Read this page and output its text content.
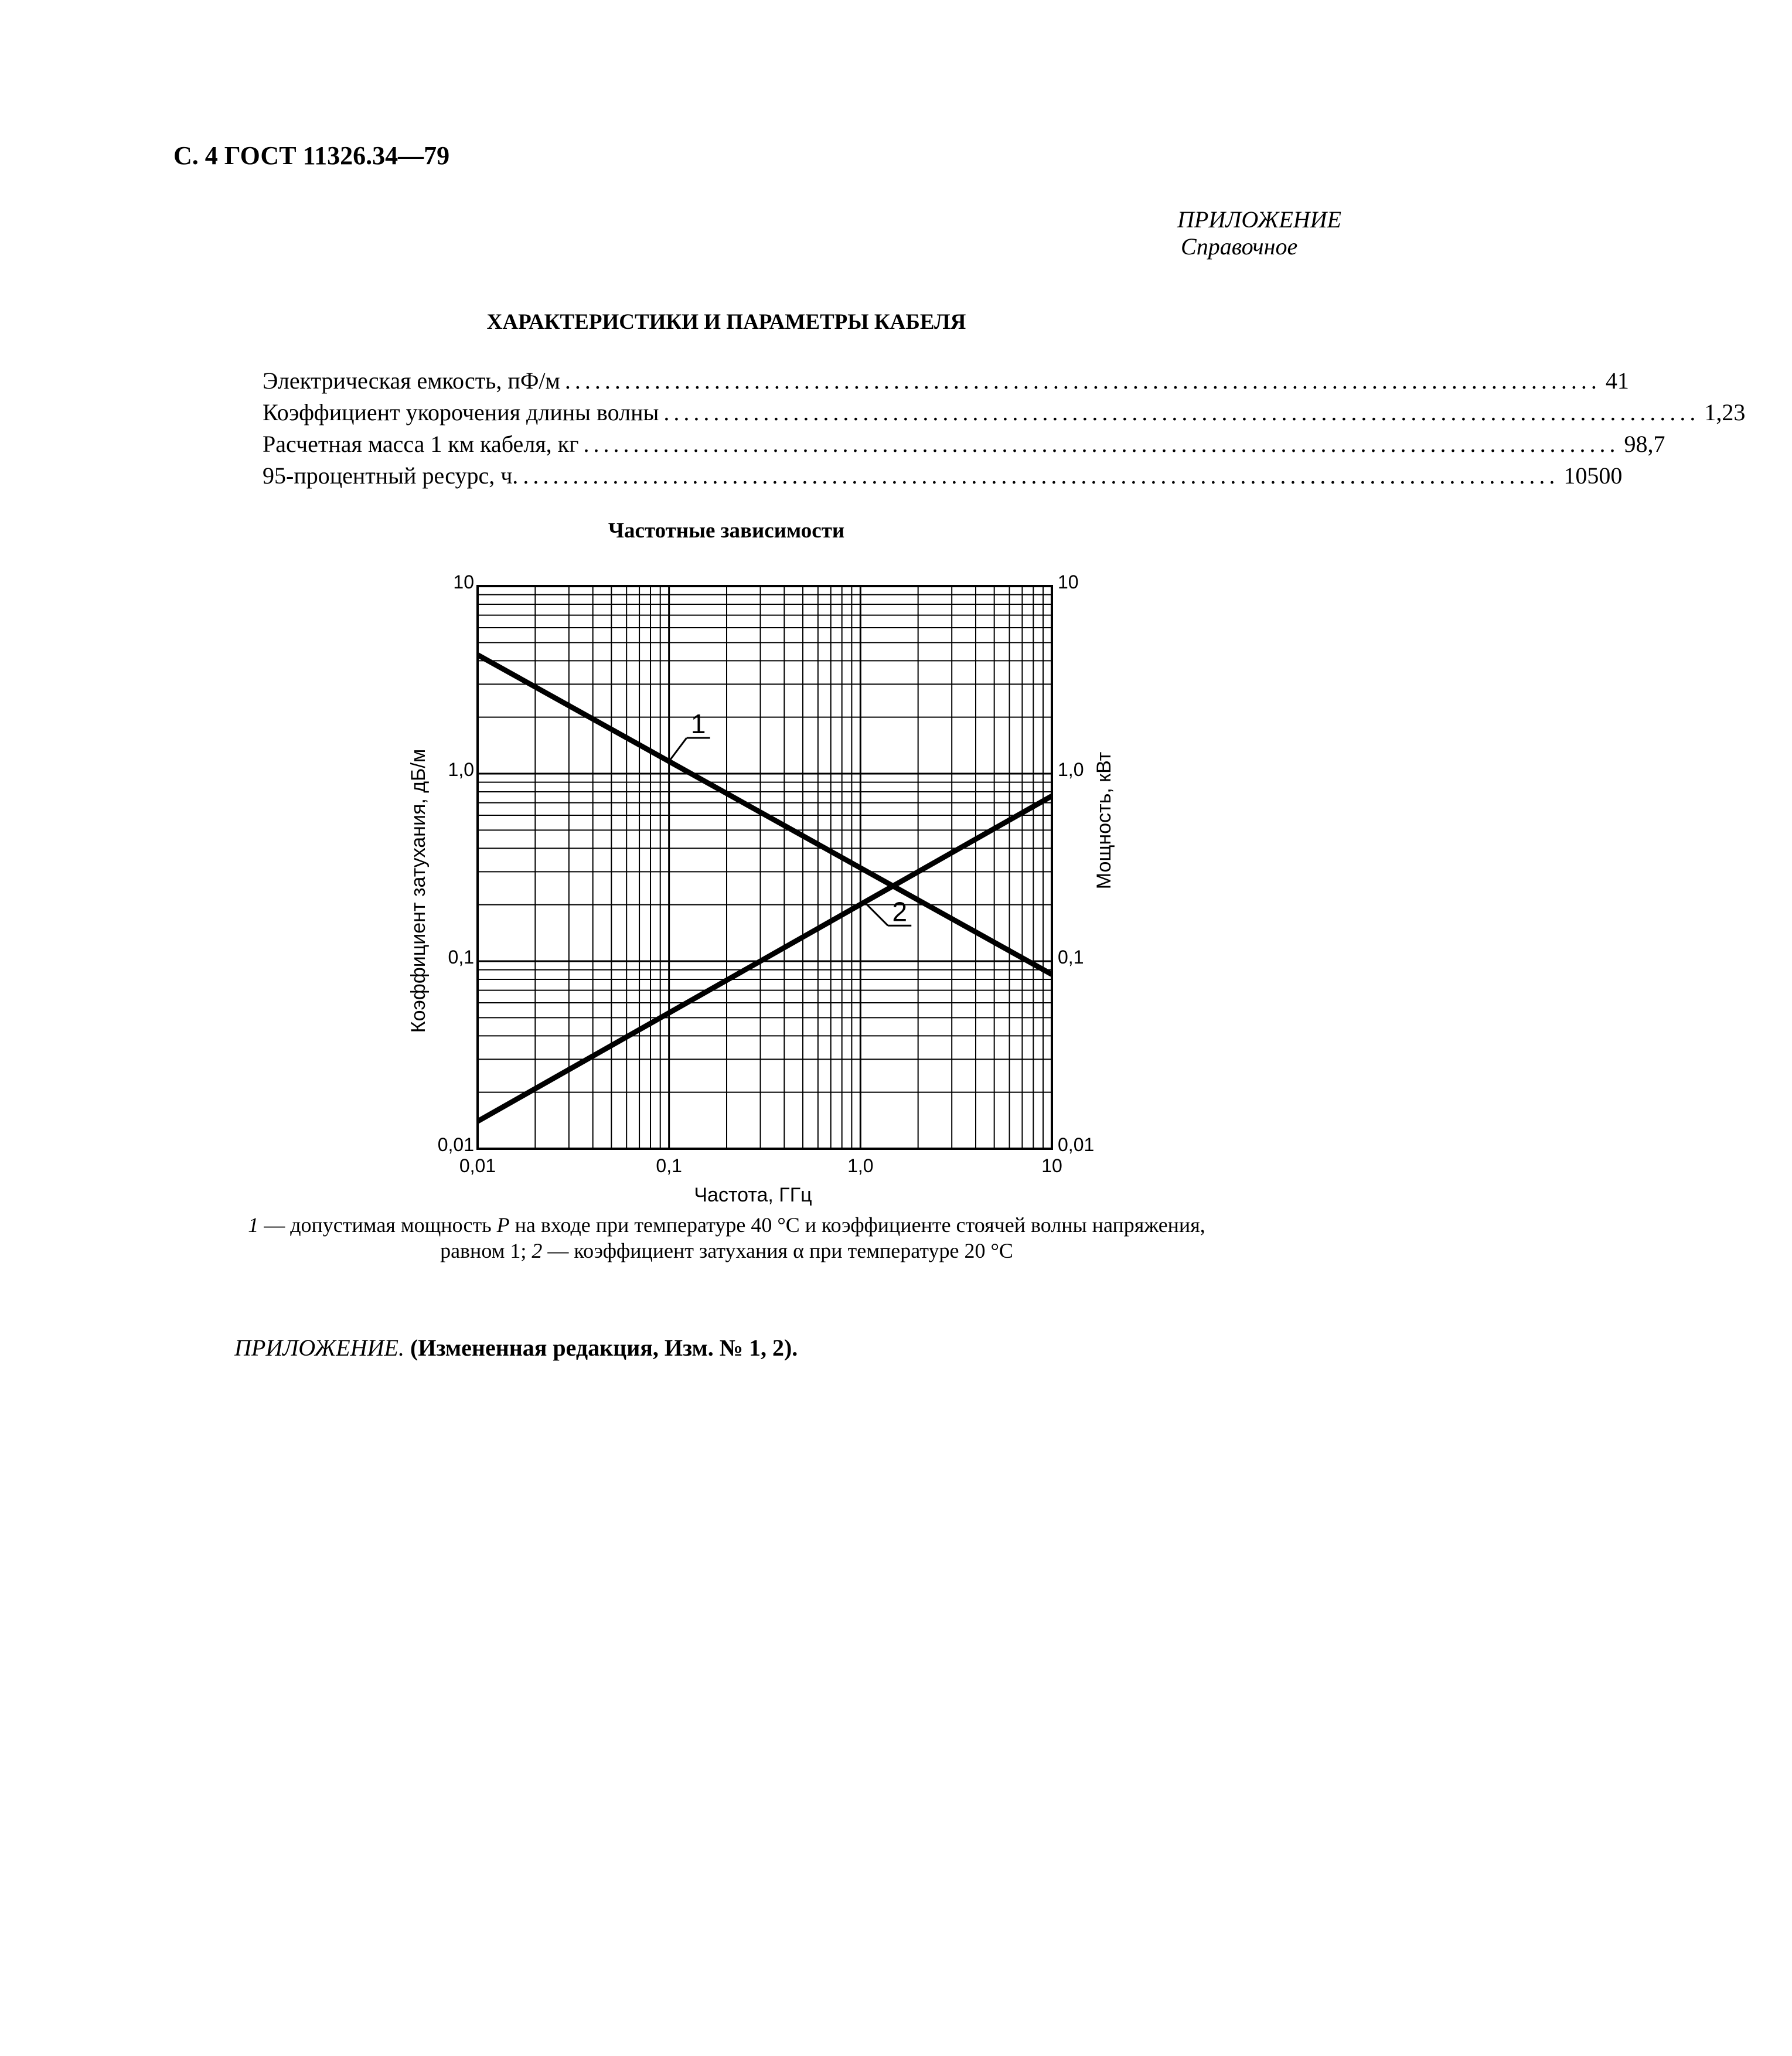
С. 4 ГОСТ 11326.34—79
ПРИЛОЖЕНИЕ
Справочное
ХАРАКТЕРИСТИКИ И ПАРАМЕТРЫ КАБЕЛЯ
Электрическая емкость, пФ/м ........................................................................................................ 41
Коэффициент укорочения длины волны ........................................................................................................ 1,23
Расчетная масса 1 км кабеля, кг ........................................................................................................ 98,7
95-процентный ресурс, ч. ........................................................................................................ 10500
Частотные зависимости
Коэффициент затухания, дБ/м	Мощность, кВт
Частота, ГГц
0,01	0,1	1,0	10
0,01	0,01
0,1	0,1
1,0	1,0
10	10
1
2
1 — допустимая мощность P на входе при температуре 40 °С и коэффициенте стоячей волны напряжения, равном 1; 2 — коэффициент затухания α при температуре 20 °С
ПРИЛОЖЕНИЕ. (Измененная редакция, Изм. № 1, 2).
